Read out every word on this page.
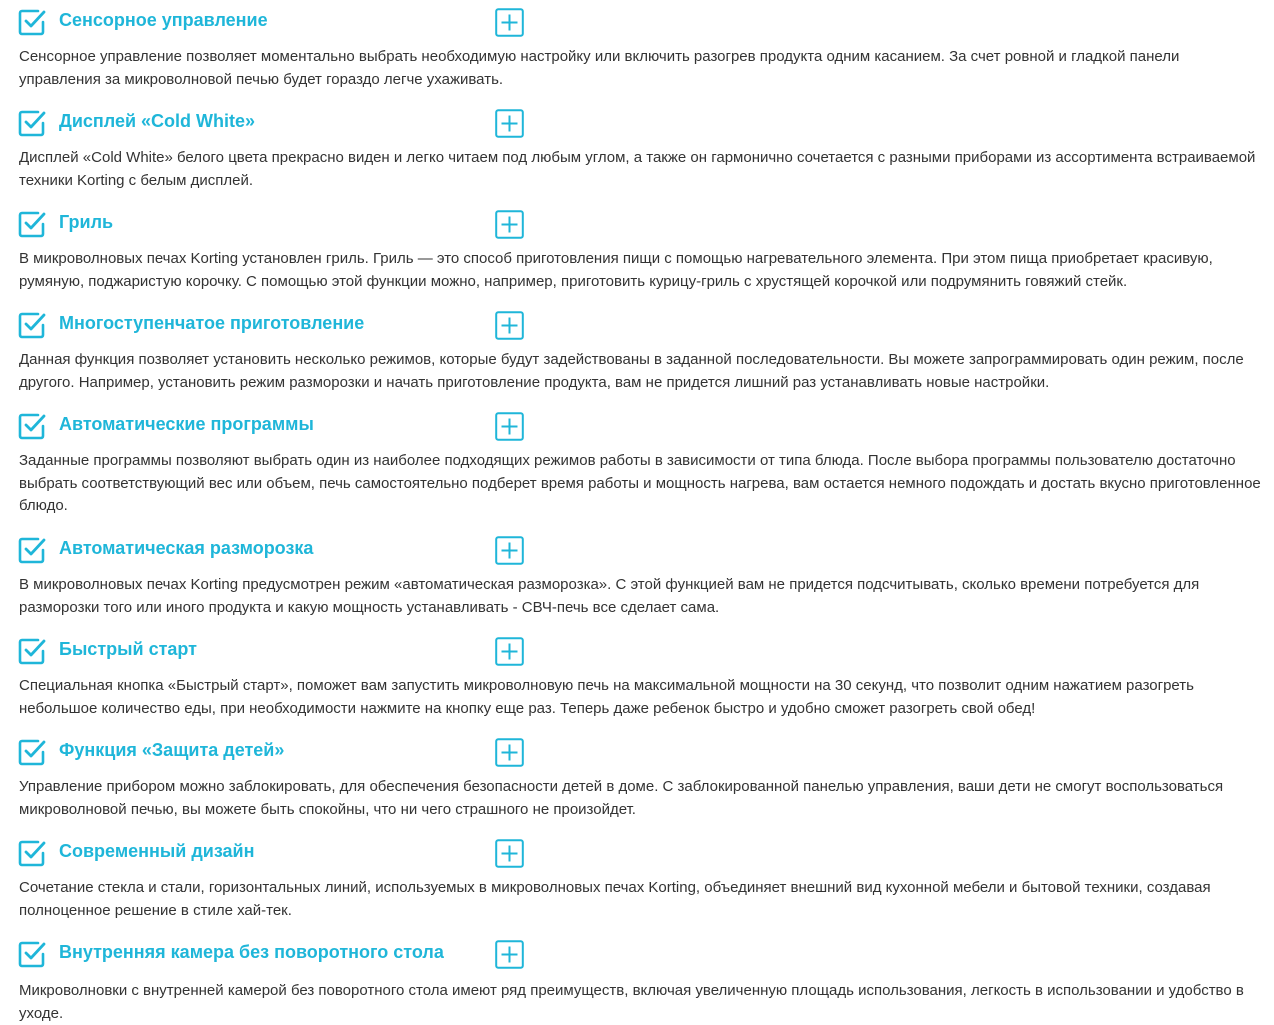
Сенсорное управление

Сенсорное управление позволяет моментально выбрать необходимую настройку или включить разогрев продукта одним касанием. За счет ровной и гладкой панели управления за микроволновой печью будет гораздо легче ухаживать.

Дисплей «Cold White»

Дисплей «Cold White» белого цвета прекрасно виден и легко читаем под любым углом, а также он гармонично сочетается с разными приборами из ассортимента встраиваемой техники Korting с белым дисплей.

Гриль

В микроволновых печах Korting установлен гриль. Гриль — это способ приготовления пищи с помощью нагревательного элемента. При этом пища приобретает красивую, румяную, поджаристую корочку. С помощью этой функции можно, например, приготовить курицу-гриль с хрустящей корочкой или подрумянить говяжий стейк.

Многоступенчатое приготовление

Данная функция позволяет установить несколько режимов, которые будут задействованы в заданной последовательности. Вы можете запрограммировать один режим, после другого. Например, установить режим разморозки и начать приготовление продукта, вам не придется лишний раз устанавливать новые настройки.

Автоматические программы

Заданные программы позволяют выбрать один из наиболее подходящих режимов работы в зависимости от типа блюда. После выбора программы пользователю достаточно выбрать соответствующий вес или объем, печь самостоятельно подберет время работы и мощность нагрева, вам остается немного подождать и достать вкусно приготовленное блюдо.

Автоматическая разморозка

В микроволновых печах Korting предусмотрен режим «автоматическая разморозка». С этой функцией вам не придется подсчитывать, сколько времени потребуется для разморозки того или иного продукта и какую мощность устанавливать - СВЧ-печь все сделает сама.

Быстрый старт

Специальная кнопка «Быстрый старт», поможет вам запустить микроволновую печь на максимальной мощности на 30 секунд, что позволит одним нажатием разогреть небольшое количество еды, при необходимости нажмите на кнопку еще раз. Теперь даже ребенок быстро и удобно сможет разогреть свой обед!

Функция «Защита детей»

Управление прибором можно заблокировать, для обеспечения безопасности детей в доме. С заблокированной панелью управления, ваши дети не смогут воспользоваться микроволновой печью, вы можете быть спокойны, что ни чего страшного не произойдет.

Современный дизайн

Сочетание стекла и стали, горизонтальных линий, используемых в микроволновых печах Korting, объединяет внешний вид кухонной мебели и бытовой техники, создавая полноценное решение в стиле хай-тек.

Внутренняя камера без поворотного стола

Микроволновки с внутренней камерой без поворотного стола имеют ряд преимуществ, включая увеличенную площадь использования, легкость в использовании и удобство в уходе.
